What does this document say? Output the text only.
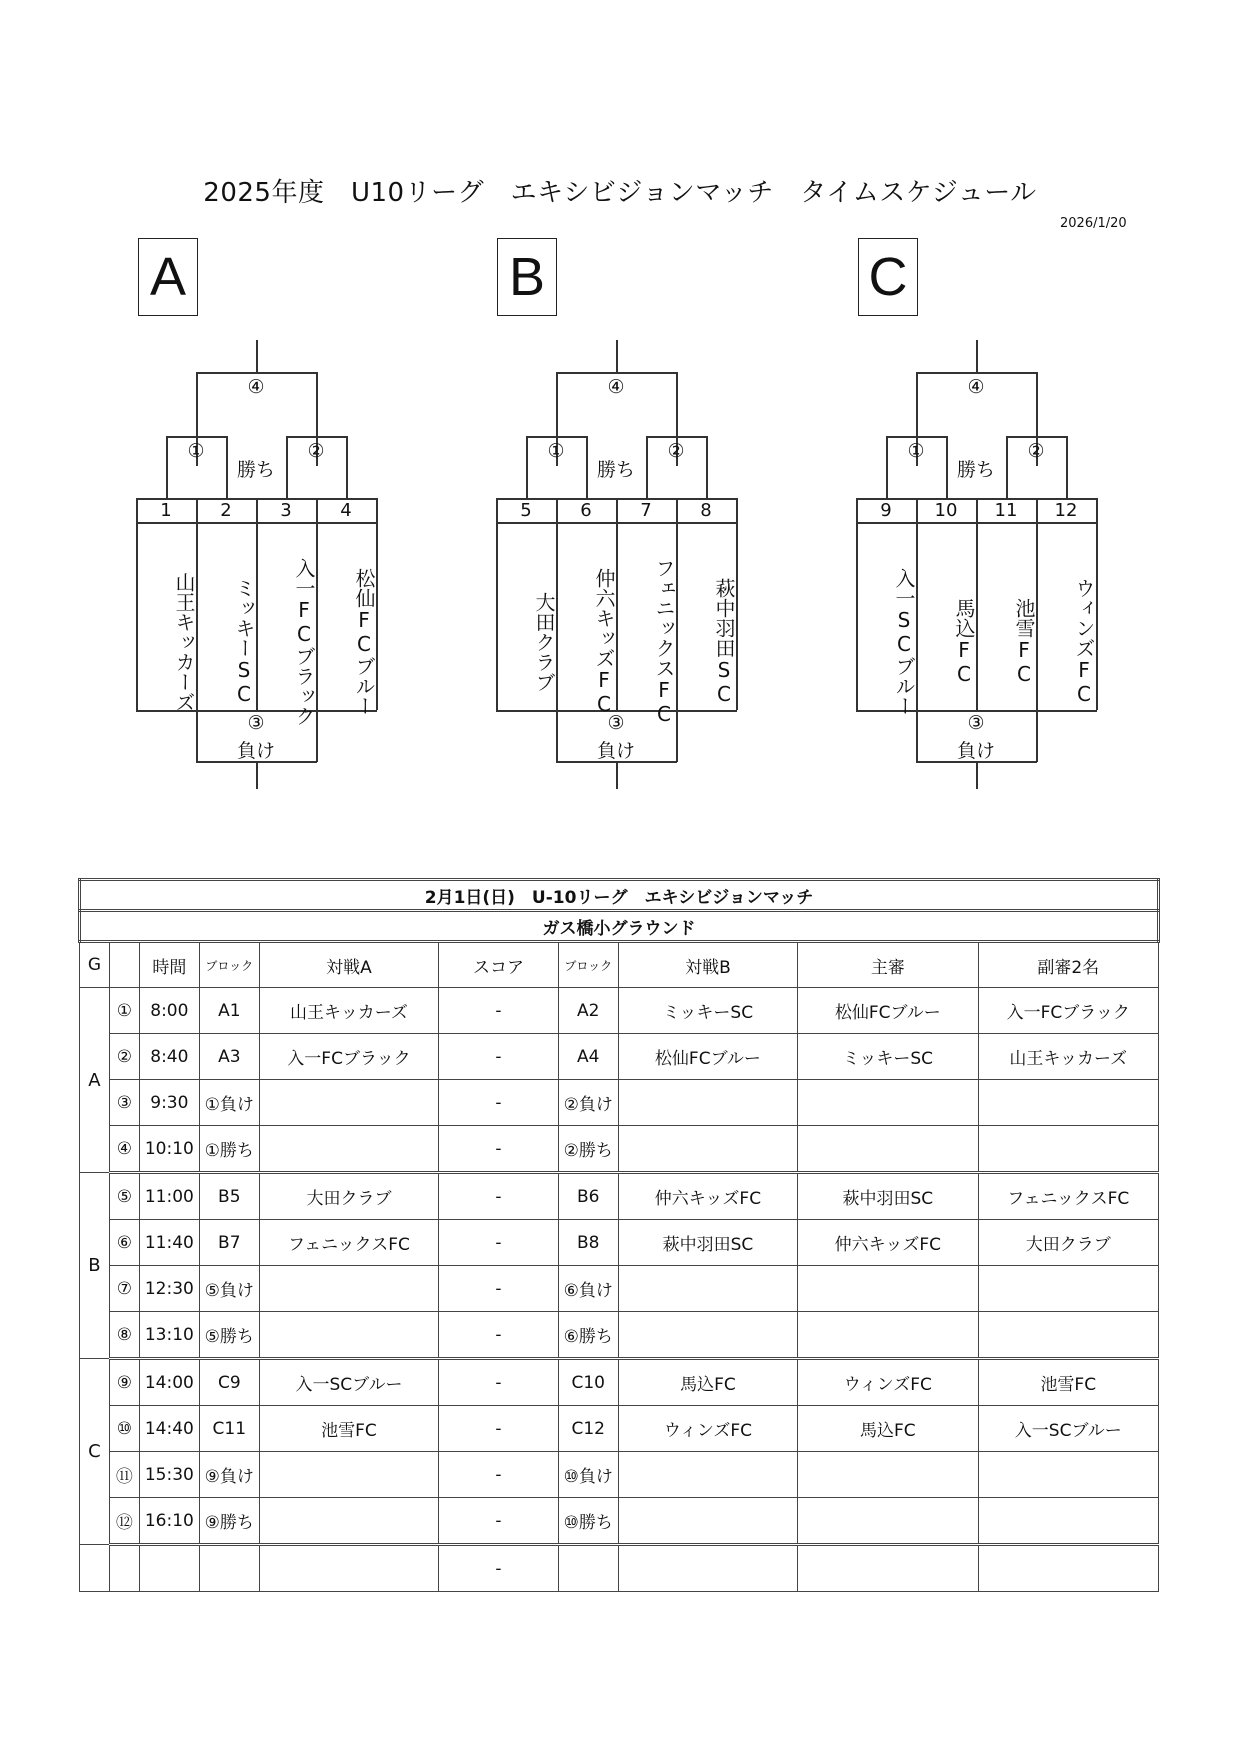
2025年度　U10リーグ　エキシビジョンマッチ　タイムスケジュール
2026/1/20
A
④
①	②
勝ち
③
負け
1
山王キッカーズ
2
ミッキーSC
3
入一FCブラック
4
松仙FCブルー
B
④
①	②
勝ち
③
負け
5
大田クラブ
6
仲六キッズFC
7
フェニックスFC
8
萩中羽田SC
C
④
①	②
勝ち
③
負け
9
入一SCブルー
10
馬込FC
11
池雪FC
12
ウィンズFC
2月1日(日)　U-10リーグ　エキシビジョンマッチ									
ガス橋小グラウンド									
G		時間	ブロック	対戦A	スコア	ブロック	対戦B	主審	副審2名
A	①	8:00	A1	山王キッカーズ	-	A2	ミッキーSC	松仙FCブルー	入一FCブラック
	②	8:40	A3	入一FCブラック	-	A4	松仙FCブルー	ミッキーSC	山王キッカーズ
	③	9:30	①負け		-	②負け			
	④	10:10	①勝ち		-	②勝ち			
B	⑤	11:00	B5	大田クラブ	-	B6	仲六キッズFC	萩中羽田SC	フェニックスFC
	⑥	11:40	B7	フェニックスFC	-	B8	萩中羽田SC	仲六キッズFC	大田クラブ
	⑦	12:30	⑤負け		-	⑥負け			
	⑧	13:10	⑤勝ち		-	⑥勝ち			
C	⑨	14:00	C9	入一SCブルー	-	C10	馬込FC	ウィンズFC	池雪FC
	⑩	14:40	C11	池雪FC	-	C12	ウィンズFC	馬込FC	入一SCブルー
	⑪	15:30	⑨負け		-	⑩負け			
	⑫	16:10	⑨勝ち		-	⑩勝ち			
					-				
